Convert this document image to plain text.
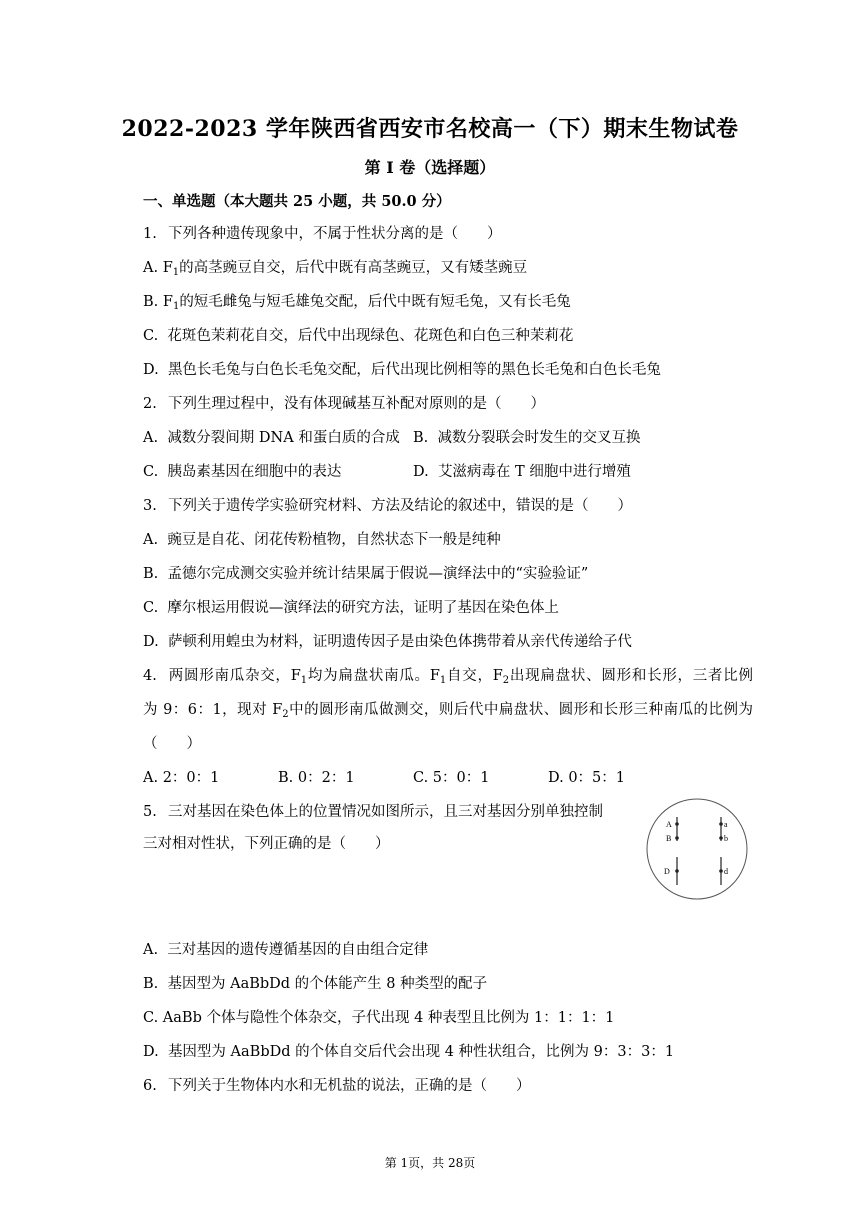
2022-2023 学年陕西省西安市名校高一（下）期末生物试卷
第 I 卷（选择题）
一、单选题（本大题共 25 小题，共 50.0 分）
1. 下列各种遗传现象中，不属于性状分离的是（　　）
A. $F_1$的高茎豌豆自交，后代中既有高茎豌豆，又有矮茎豌豆
B. $F_1$的短毛雌兔与短毛雄兔交配，后代中既有短毛兔，又有长毛兔
C. 花斑色茉莉花自交，后代中出现绿色、花斑色和白色三种茉莉花
D. 黑色长毛兔与白色长毛兔交配，后代出现比例相等的黑色长毛兔和白色长毛兔
2. 下列生理过程中，没有体现碱基互补配对原则的是（　　）
A. 减数分裂间期 DNA 和蛋白质的合成 B. 减数分裂联会时发生的交叉互换
C. 胰岛素基因在细胞中的表达	D. 艾滋病毒在 T 细胞中进行增殖
3. 下列关于遗传学实验研究材料、方法及结论的叙述中，错误的是（　　）
A. 豌豆是自花、闭花传粉植物，自然状态下一般是纯种
B. 孟德尔完成测交实验并统计结果属于假说—演绎法中的“实验验证”
C. 摩尔根运用假说—演绎法的研究方法，证明了基因在染色体上
D. 萨顿利用蝗虫为材料，证明遗传因子是由染色体携带着从亲代传递给子代
4. 两圆形南瓜杂交，$F_1$均为扁盘状南瓜。$F_1$自交，$F_2$出现扁盘状、圆形和长形，三者比例
为 9：6：1，现对 $F_2$中的圆形南瓜做测交，则后代中扁盘状、圆形和长形三种南瓜的比例为
（　　）
A. 2：0：1	B. 0：2：1	C. 5：0：1	D. 0：5：1
5. 三对基因在染色体上的位置情况如图所示，且三对基因分别单独控制
三对相对性状，下列正确的是（　　）
A
B
D
a
b
d
A. 三对基因的遗传遵循基因的自由组合定律
B. 基因型为 AaBbDd 的个体能产生 8 种类型的配子
C. AaBb 个体与隐性个体杂交，子代出现 4 种表型且比例为 1：1：1：1
D. 基因型为 AaBbDd 的个体自交后代会出现 4 种性状组合，比例为 9：3：3：1
6. 下列关于生物体内水和无机盐的说法，正确的是（　　）
第 1页，共 28页
